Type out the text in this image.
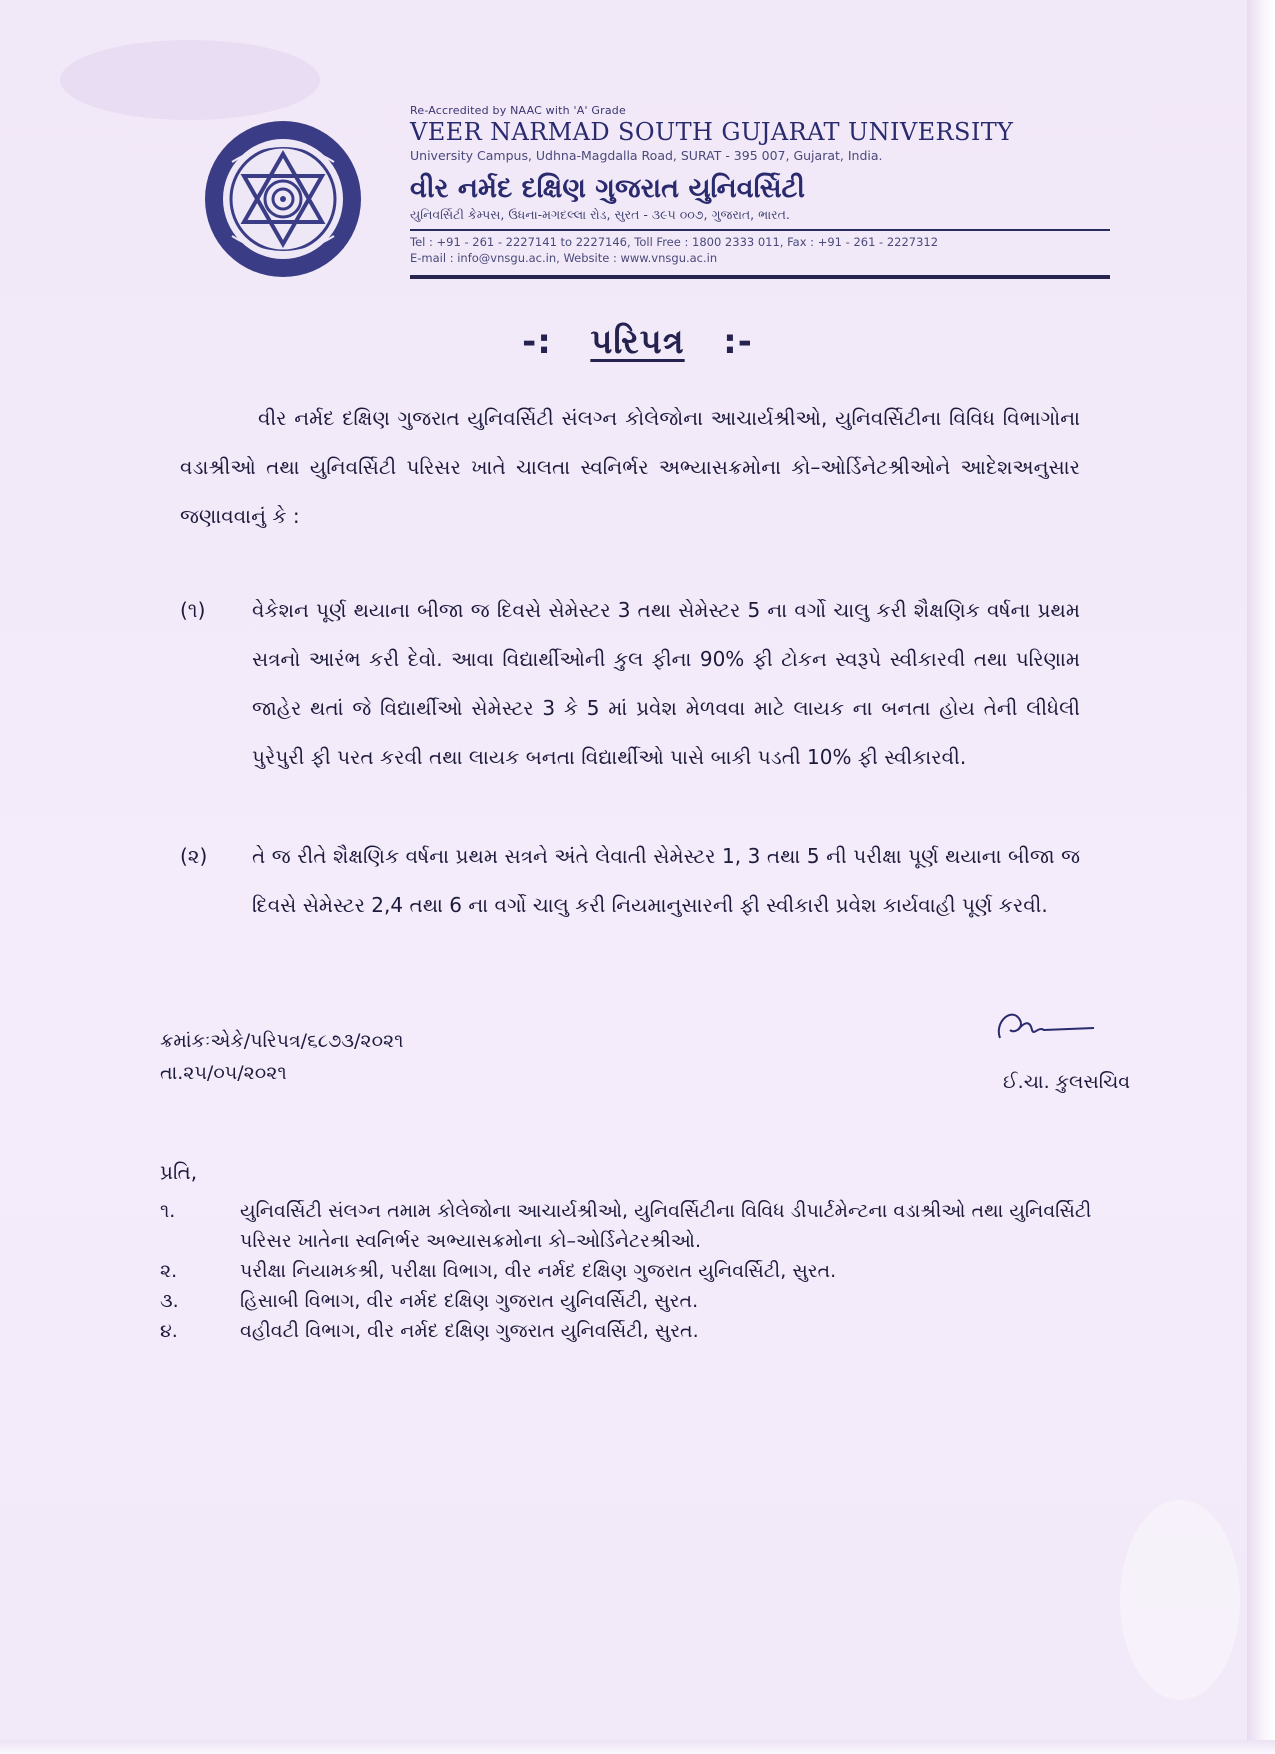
Re-Accredited by NAAC with 'A' Grade
VEER NARMAD SOUTH GUJARAT UNIVERSITY
University Campus, Udhna-Magdalla Road, SURAT - 395 007, Gujarat, India.
વીર નર્મદ દક્ષિણ ગુજરાત યુનિવર્સિટી
યુનિવર્સિટી કેમ્પસ, ઉધના-મગદલ્લા રોડ, સુરત - ૩૯૫ ૦૦૭, ગુજરાત, ભારત.
Tel : +91 - 261 - 2227141 to 2227146, Toll Free : 1800 2333 011, Fax : +91 - 261 - 2227312
E-mail : info@vnsgu.ac.in, Website : www.vnsgu.ac.in
-: પરિપત્ર :-
વીર નર્મદ દક્ષિણ ગુજરાત યુનિવર્સિટી સંલગ્ન કોલેજોના આચાર્યશ્રીઓ, યુનિવર્સિટીના વિવિધ વિભાગોના વડાશ્રીઓ તથા યુનિવર્સિટી પરિસર ખાતે ચાલતા સ્વનિર્ભર અભ્યાસક્રમોના કો–ઓર્ડિનેટશ્રીઓને આદેશઅનુસાર જણાવવાનું કે :
(૧)	વેકેશન પૂર્ણ થયાના બીજા જ દિવસે સેમેસ્ટર 3 તથા સેમેસ્ટર 5 ના વર્ગો ચાલુ કરી શૈક્ષણિક વર્ષના પ્રથમ સત્રનો આરંભ કરી દેવો. આવા વિદ્યાર્થીઓની કુલ ફીના 90% ફી ટોકન સ્વરૂપે સ્વીકારવી તથા પરિણામ જાહેર થતાં જે વિદ્યાર્થીઓ સેમેસ્ટર 3 કે 5 માં પ્રવેશ મેળવવા માટે લાયક ના બનતા હોય તેની લીધેલી પુરેપુરી ફી પરત કરવી તથા લાયક બનતા વિદ્યાર્થીઓ પાસે બાકી પડતી 10% ફી સ્વીકારવી.
(૨)	તે જ રીતે શૈક્ષણિક વર્ષના પ્રથમ સત્રને અંતે લેવાતી સેમેસ્ટર 1, 3 તથા 5 ની પરીક્ષા પૂર્ણ થયાના બીજા જ દિવસે સેમેસ્ટર 2,4 તથા 6 ના વર્ગો ચાલુ કરી નિયમાનુસારની ફી સ્વીકારી પ્રવેશ કાર્યવાહી પૂર્ણ કરવી.
ક્રમાંકઃએકે/પરિપત્ર/૬૮૭૩/૨૦૨૧
તા.૨૫/૦૫/૨૦૨૧	ઈ.ચા. કુલસચિવ
પ્રતિ,
૧.	યુનિવર્સિટી સંલગ્ન તમામ કોલેજોના આચાર્યશ્રીઓ, યુનિવર્સિટીના વિવિધ ડીપાર્ટમેન્ટના વડાશ્રીઓ તથા યુનિવર્સિટી પરિસર ખાતેના સ્વનિર્ભર અભ્યાસક્રમોના કો–ઓર્ડિનેટરશ્રીઓ.
૨.	પરીક્ષા નિયામકશ્રી, પરીક્ષા વિભાગ, વીર નર્મદ દક્ષિણ ગુજરાત યુનિવર્સિટી, સુરત.
૩.	હિસાબી વિભાગ, વીર નર્મદ દક્ષિણ ગુજરાત યુનિવર્સિટી, સુરત.
૪.	વહીવટી વિભાગ, વીર નર્મદ દક્ષિણ ગુજરાત યુનિવર્સિટી, સુરત.
